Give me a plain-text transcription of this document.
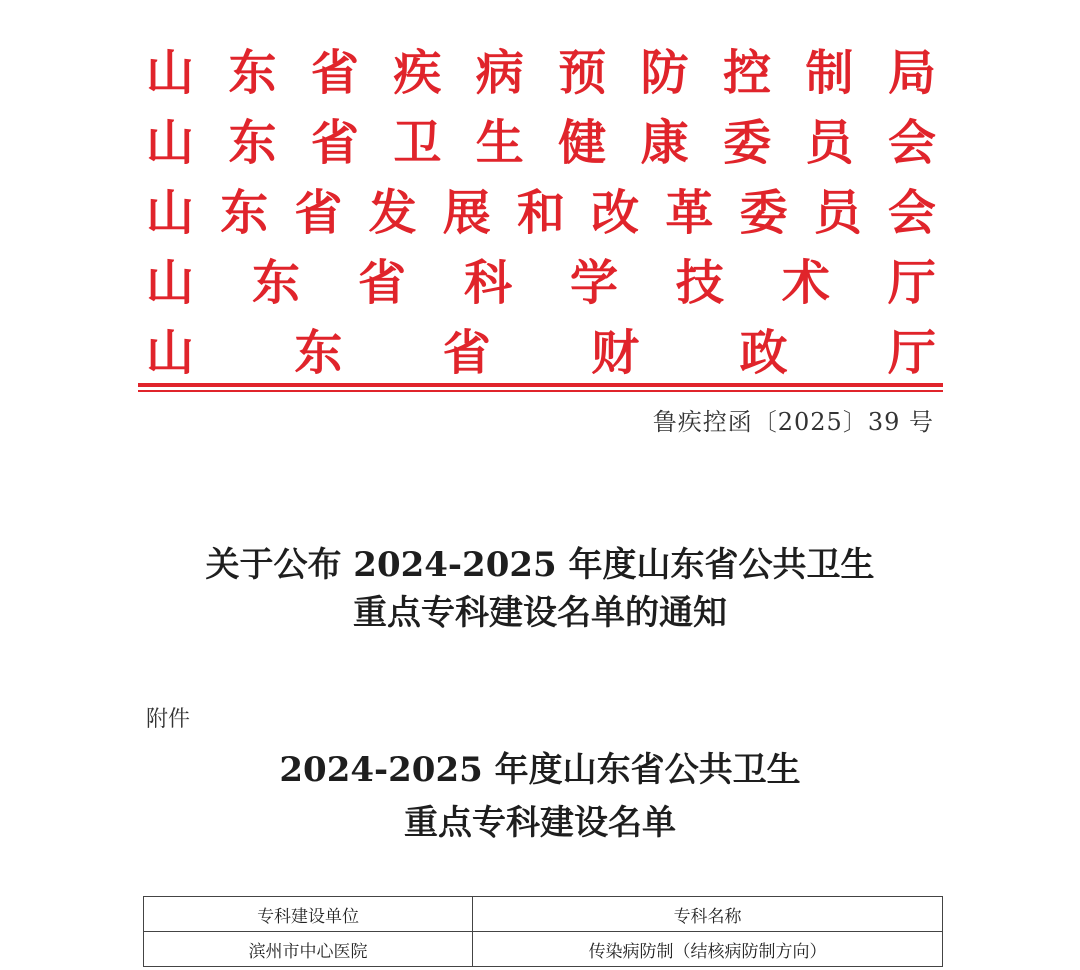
山 东 省 疾 病 预 防 控 制 局
山 东 省 卫 生 健 康 委 员 会
山 东 省 发 展 和 改 革 委 员 会
山 东 省 科 学 技 术 厅
山 东 省 财 政 厅
鲁疾控函〔2025〕39 号
关于公布 2024-2025 年度山东省公共卫生
重点专科建设名单的通知
附件
2024-2025 年度山东省公共卫生
重点专科建设名单
专科建设单位	专科名称
滨州市中心医院	传染病防制（结核病防制方向）
